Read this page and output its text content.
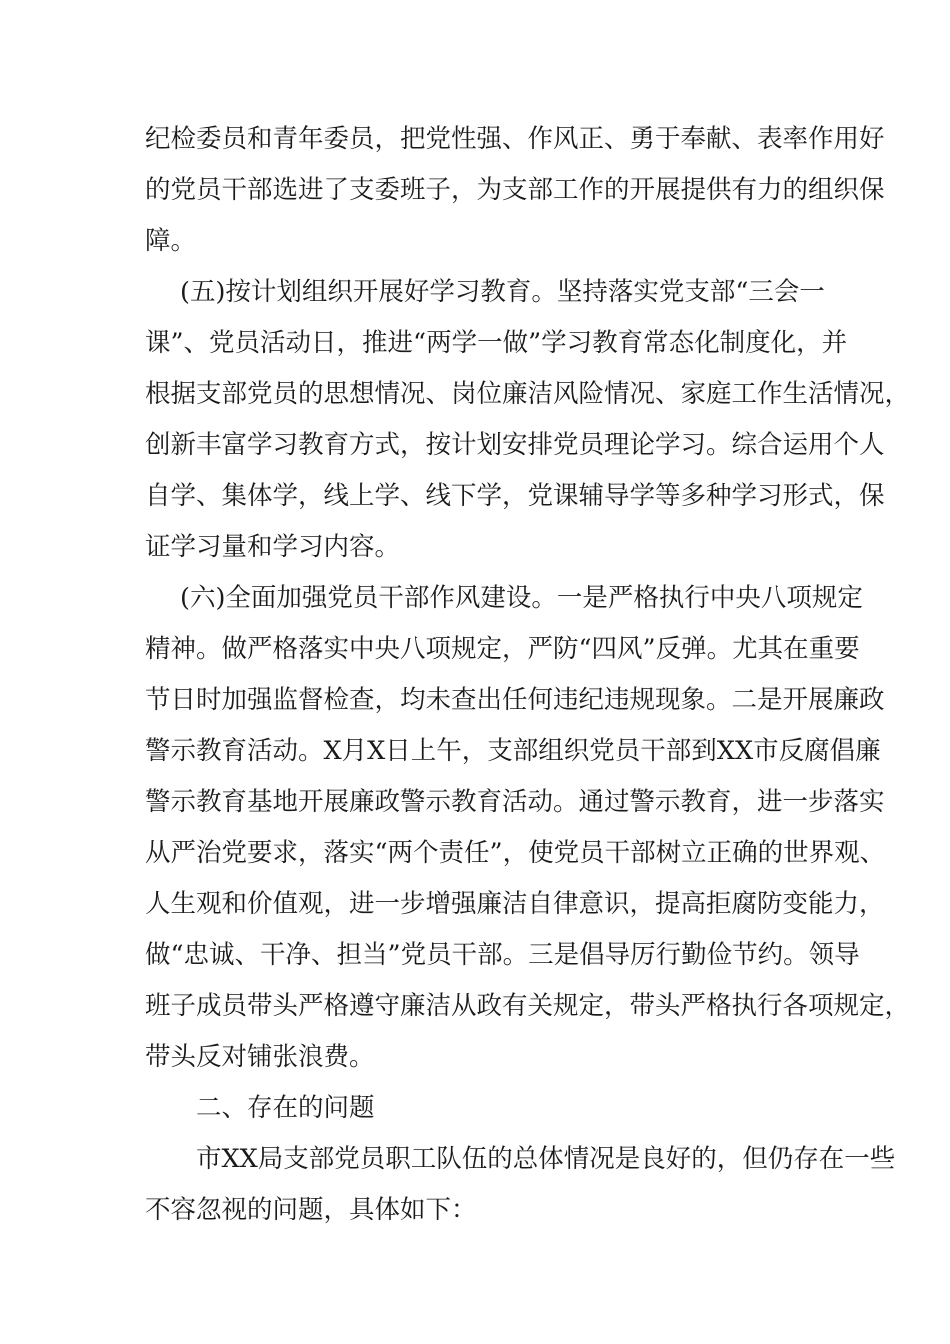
纪检委员和青年委员，把党性强、作风正、勇于奉献、表率作用好
的党员干部选进了支委班子，为支部工作的开展提供有力的组织保
障。
(五)按计划组织开展好学习教育。坚持落实党支部“三会一
课”、党员活动日，推进“两学一做”学习教育常态化制度化，并
根据支部党员的思想情况、岗位廉洁风险情况、家庭工作生活情况，
创新丰富学习教育方式，按计划安排党员理论学习。综合运用个人
自学、集体学，线上学、线下学，党课辅导学等多种学习形式，保
证学习量和学习内容。
(六)全面加强党员干部作风建设。一是严格执行中央八项规定
精神。做严格落实中央八项规定，严防“四风”反弹。尤其在重要
节日时加强监督检查，均未查出任何违纪违规现象。二是开展廉政
警示教育活动。X月X日上午，支部组织党员干部到XX市反腐倡廉
警示教育基地开展廉政警示教育活动。通过警示教育，进一步落实
从严治党要求，落实“两个责任”，使党员干部树立正确的世界观、
人生观和价值观，进一步增强廉洁自律意识，提高拒腐防变能力，
做“忠诚、干净、担当”党员干部。三是倡导厉行勤俭节约。领导
班子成员带头严格遵守廉洁从政有关规定，带头严格执行各项规定，
带头反对铺张浪费。
二、存在的问题
市XX局支部党员职工队伍的总体情况是良好的，但仍存在一些
不容忽视的问题，具体如下：
